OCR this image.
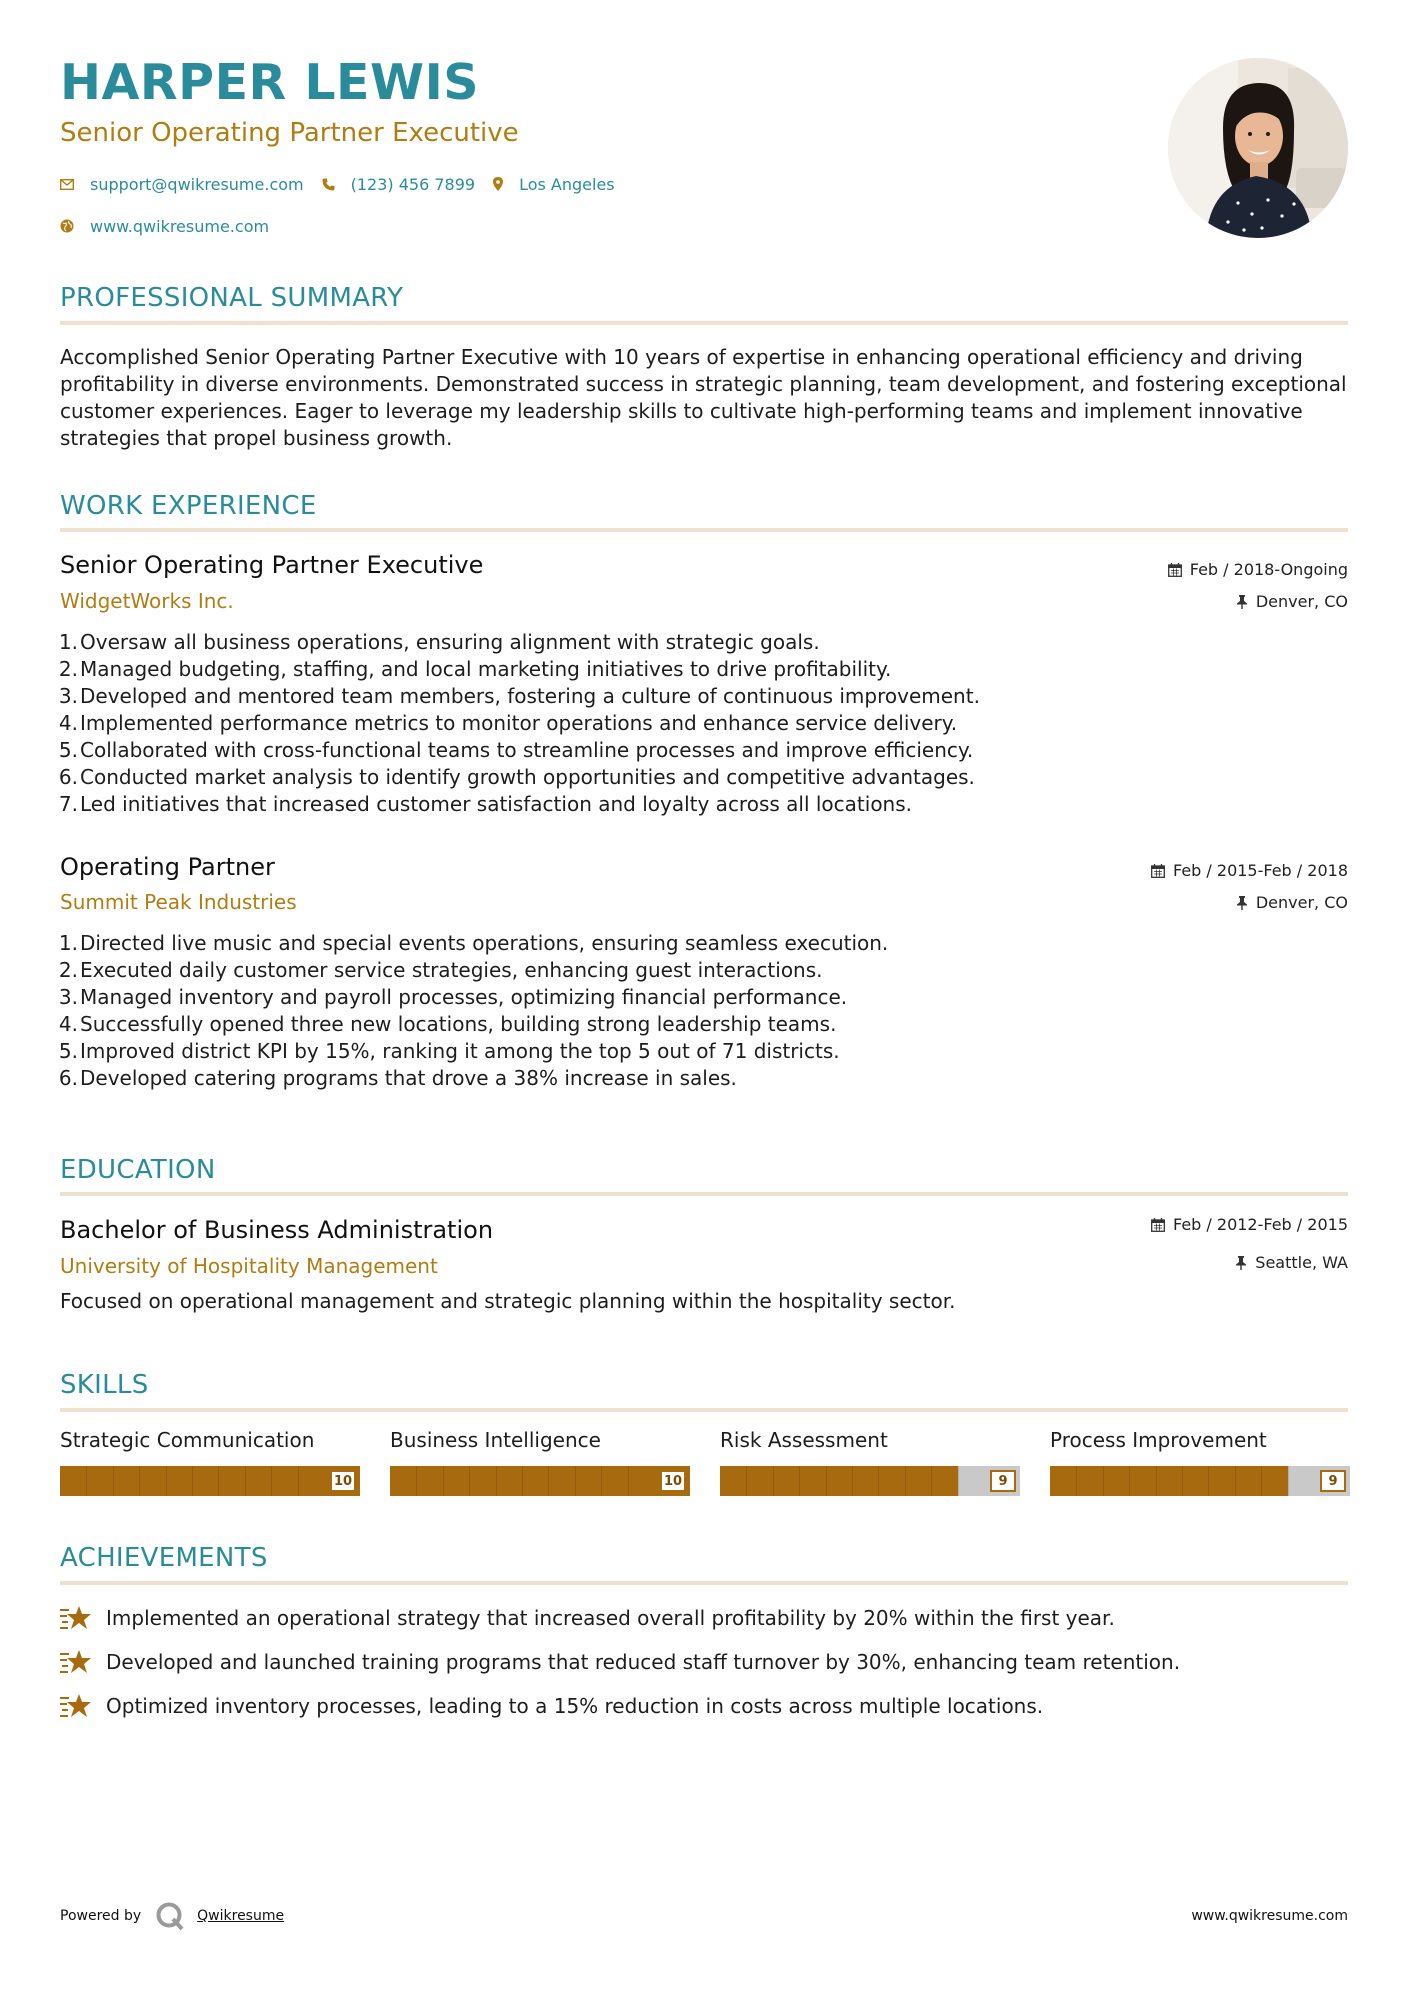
HARPER LEWIS
Senior Operating Partner Executive
support@qwikresume.com	(123) 456 7899	Los Angeles
www.qwikresume.com
PROFESSIONAL SUMMARY
Accomplished Senior Operating Partner Executive with 10 years of expertise in enhancing operational efficiency and driving profitability in diverse environments. Demonstrated success in strategic planning, team development, and fostering exceptional customer experiences. Eager to leverage my leadership skills to cultivate high-performing teams and implement innovative strategies that propel business growth.
WORK EXPERIENCE
Senior Operating Partner Executive
WidgetWorks Inc.
Feb / 2018-Ongoing
Denver, CO
1. Oversaw all business operations, ensuring alignment with strategic goals.
2. Managed budgeting, staffing, and local marketing initiatives to drive profitability.
3. Developed and mentored team members, fostering a culture of continuous improvement.
4. Implemented performance metrics to monitor operations and enhance service delivery.
5. Collaborated with cross-functional teams to streamline processes and improve efficiency.
6. Conducted market analysis to identify growth opportunities and competitive advantages.
7. Led initiatives that increased customer satisfaction and loyalty across all locations.
Operating Partner
Summit Peak Industries
Feb / 2015-Feb / 2018
Denver, CO
1. Directed live music and special events operations, ensuring seamless execution.
2. Executed daily customer service strategies, enhancing guest interactions.
3. Managed inventory and payroll processes, optimizing financial performance.
4. Successfully opened three new locations, building strong leadership teams.
5. Improved district KPI by 15%, ranking it among the top 5 out of 71 districts.
6. Developed catering programs that drove a 38% increase in sales.
EDUCATION
Bachelor of Business Administration
University of Hospitality Management
Feb / 2012-Feb / 2015
Seattle, WA
Focused on operational management and strategic planning within the hospitality sector.
SKILLS
Strategic Communication
10
Business Intelligence
10
Risk Assessment
9
Process Improvement
9
ACHIEVEMENTS
Implemented an operational strategy that increased overall profitability by 20% within the first year.
Developed and launched training programs that reduced staff turnover by 30%, enhancing team retention.
Optimized inventory processes, leading to a 15% reduction in costs across multiple locations.
Powered by	Qwikresume	www.qwikresume.com
